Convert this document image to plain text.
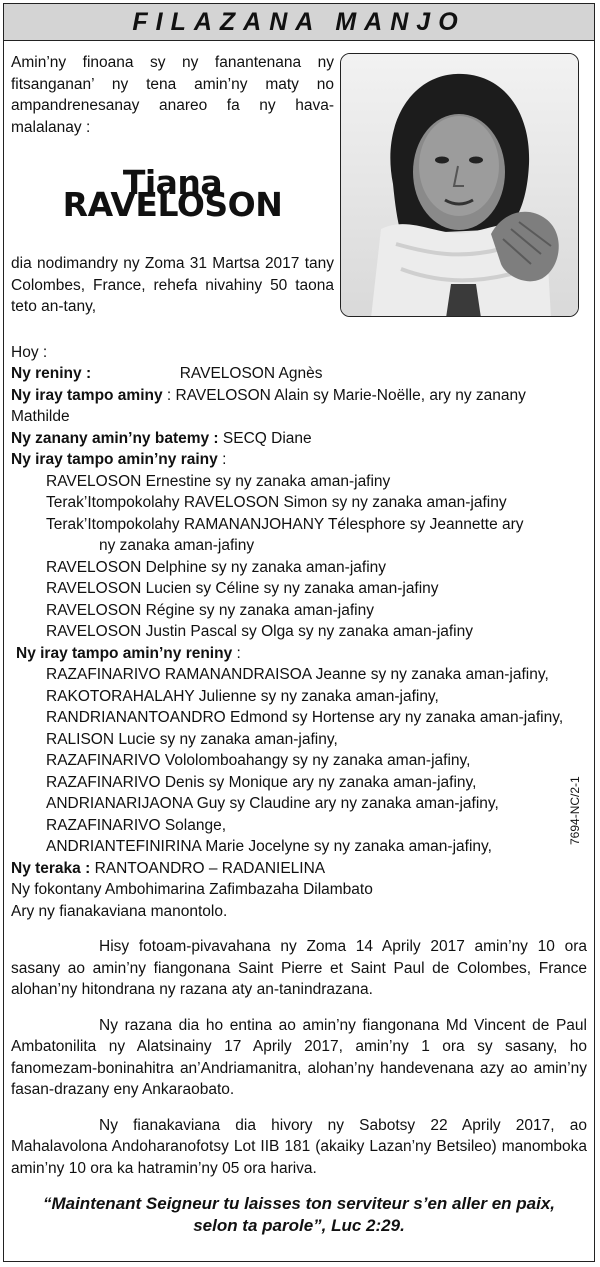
FILAZANA MANJO
Amin’ny finoana sy ny fanantenana ny fitsanganan’ ny tena amin’ny maty no ampandrenesanay anareo fa ny hava-malalanay :
Tiana RAVELOSON
dia nodimandry ny Zoma 31 Martsa 2017 tany Colombes, France, rehefa nivahiny 50 taona teto an-tany,
Hoy :
Ny reniny :	RAVELOSON Agnès
Ny iray tampo aminy : RAVELOSON Alain sy Marie-Noëlle, ary ny zanany Mathilde
Ny zanany amin’ny batemy : SECQ Diane
Ny iray tampo amin’ny rainy :
RAVELOSON Ernestine sy ny zanaka aman-jafiny
Terak’Itompokolahy RAVELOSON Simon sy ny zanaka aman-jafiny
Terak’Itompokolahy RAMANANJOHANY Télesphore sy Jeannette ary
ny zanaka aman-jafiny
RAVELOSON Delphine sy ny zanaka aman-jafiny
RAVELOSON Lucien sy Céline sy ny zanaka aman-jafiny
RAVELOSON Régine sy ny zanaka aman-jafiny
RAVELOSON Justin Pascal sy Olga sy ny zanaka aman-jafiny
Ny iray tampo amin’ny reniny :
RAZAFINARIVO RAMANANDRAISOA Jeanne sy ny zanaka aman-jafiny,
RAKOTORAHALAHY Julienne sy ny zanaka aman-jafiny,
RANDRIANANTOANDRO Edmond sy Hortense ary ny zanaka aman-jafiny,
RALISON Lucie sy ny zanaka aman-jafiny,
RAZAFINARIVO Vololomboahangy sy ny zanaka aman-jafiny,
RAZAFINARIVO Denis sy Monique ary ny zanaka aman-jafiny,
ANDRIANARIJAONA Guy sy Claudine ary ny zanaka aman-jafiny,
RAZAFINARIVO Solange,
ANDRIANTEFINIRINA Marie Jocelyne sy ny zanaka aman-jafiny,
Ny teraka : RANTOANDRO – RADANIELINA
Ny fokontany Ambohimarina Zafimbazaha Dilambato
Ary ny fianakaviana manontolo.
Hisy fotoam-pivavahana ny Zoma 14 Aprily 2017 amin’ny 10 ora sasany ao amin’ny fiangonana Saint Pierre et Saint Paul de Colombes, France alohan’ny hitondrana ny razana aty an-tanindrazana.
Ny razana dia ho entina ao amin’ny fiangonana Md Vincent de Paul Ambatonilita ny Alatsinainy 17 Aprily 2017, amin’ny 1 ora sy sasany, ho fanomezam-boninahitra an’Andriamanitra, alohan’ny handevenana azy ao amin’ny fasan-drazany eny Ankaraobato.
Ny fianakaviana dia hivory ny Sabotsy 22 Aprily 2017, ao Mahalavolona Andoharanofotsy Lot IIB 181 (akaiky Lazan’ny Betsileo) manomboka amin’ny 10 ora ka hatramin’ny 05 ora hariva.
“Maintenant Seigneur tu laisses ton serviteur s’en aller en paix,
selon ta parole”, Luc 2:29.
7694-NC/2-1
